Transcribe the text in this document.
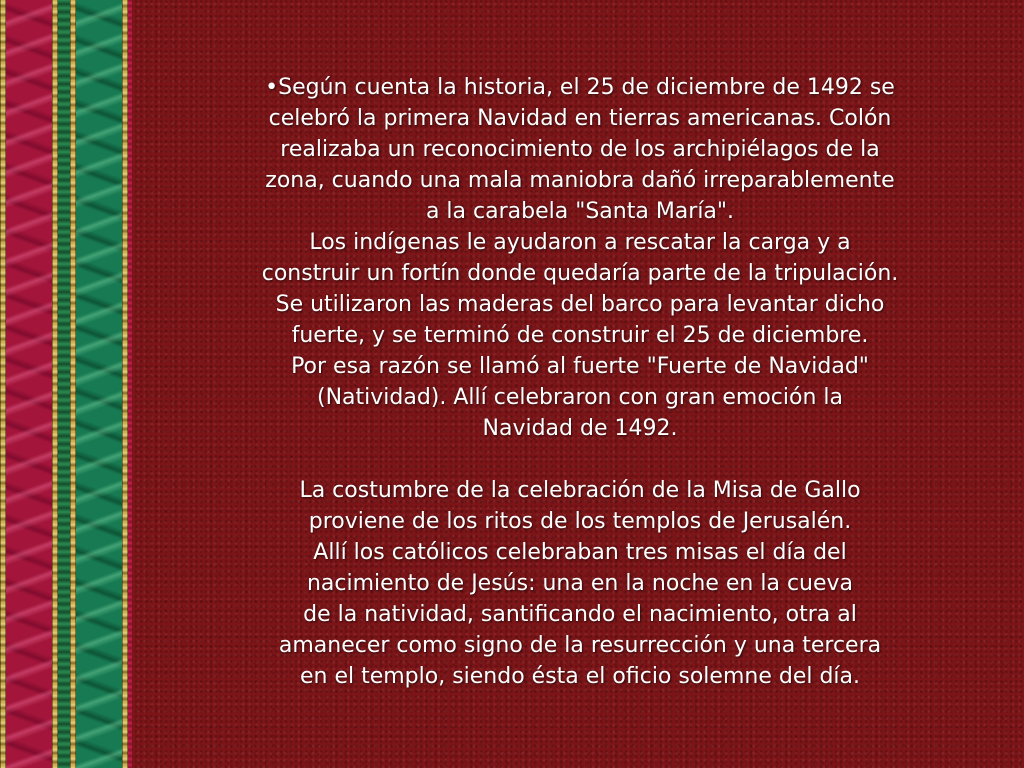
•Según cuenta la historia, el 25 de diciembre de 1492 se
celebró la primera Navidad en tierras americanas. Colón
realizaba un reconocimiento de los archipiélagos de la
zona, cuando una mala maniobra dañó irreparablemente
a la carabela "Santa María".
Los indígenas le ayudaron a rescatar la carga y a
construir un fortín donde quedaría parte de la tripulación.
Se utilizaron las maderas del barco para levantar dicho
fuerte, y se terminó de construir el 25 de diciembre.
Por esa razón se llamó al fuerte "Fuerte de Navidad"
(Natividad). Allí celebraron con gran emoción la
Navidad de 1492.

La costumbre de la celebración de la Misa de Gallo
proviene de los ritos de los templos de Jerusalén.
Allí los católicos celebraban tres misas el día del
nacimiento de Jesús: una en la noche en la cueva
de la natividad, santificando el nacimiento, otra al
amanecer como signo de la resurrección y una tercera
en el templo, siendo ésta el oficio solemne del día.
